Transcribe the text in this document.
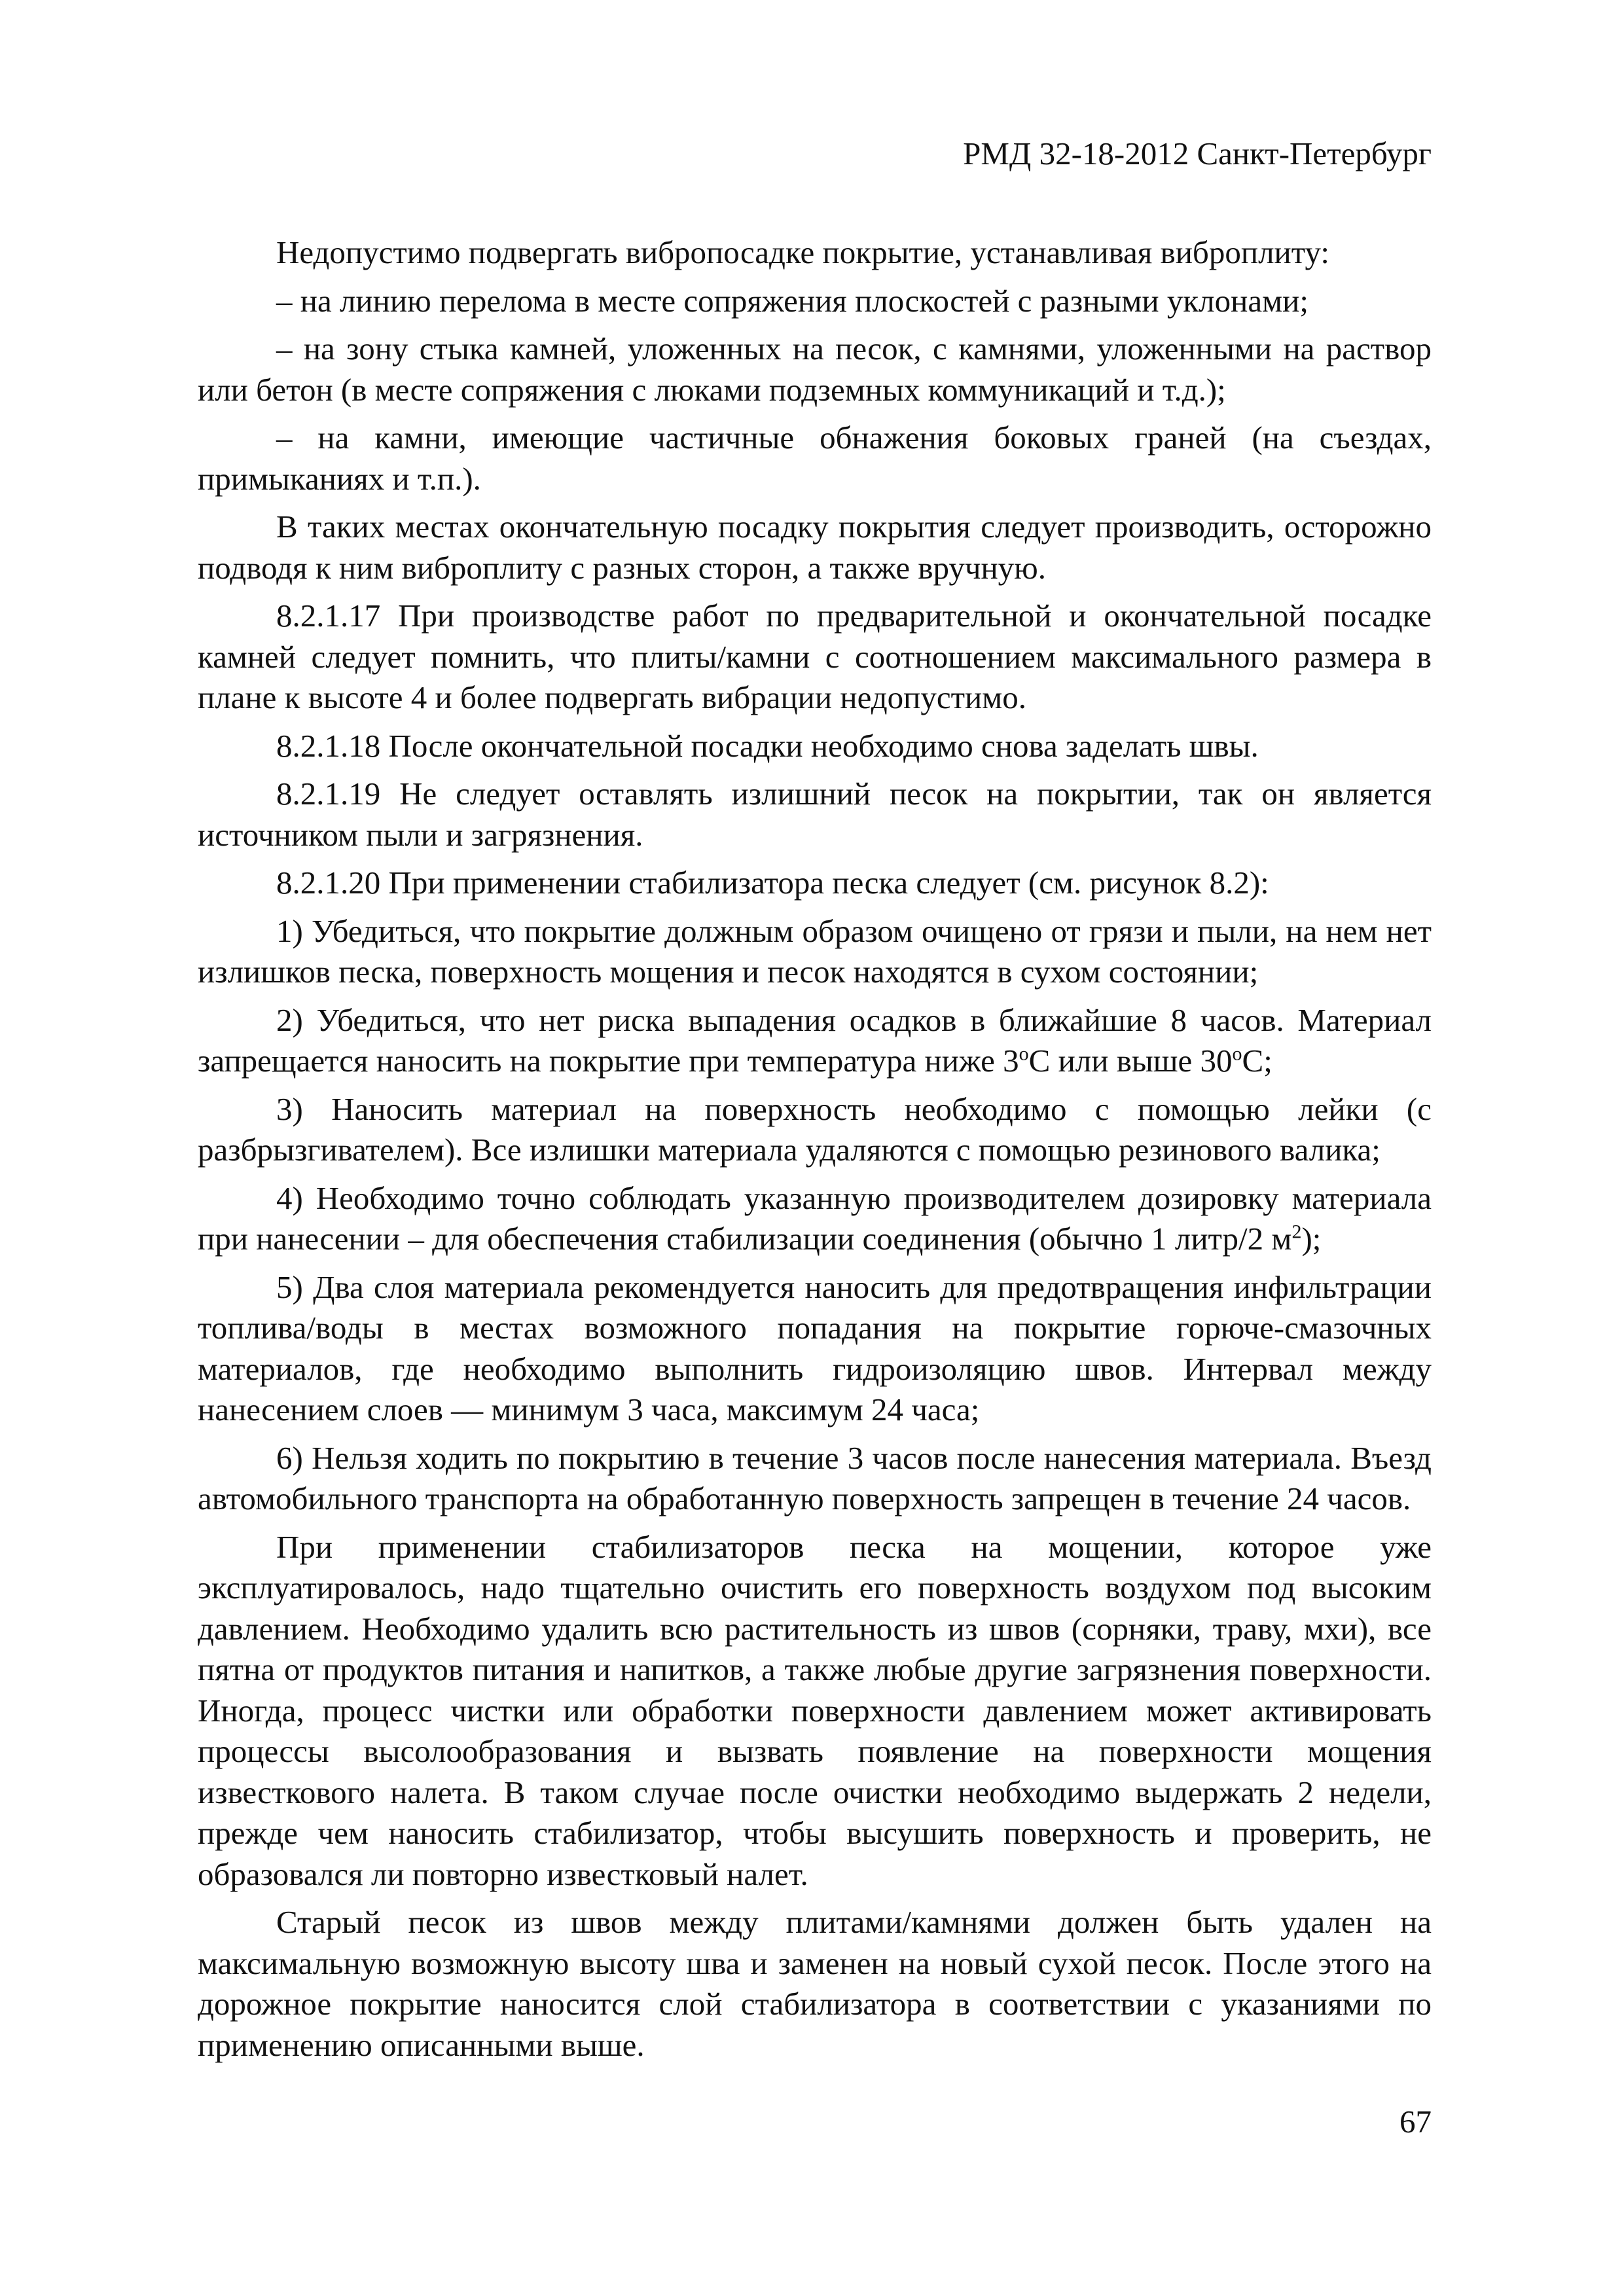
РМД 32-18-2012 Санкт-Петербург

Недопустимо подвергать вибропосадке покрытие, устанавливая виброплиту:

– на линию перелома в месте сопряжения плоскостей с разными уклонами;

– на зону стыка камней, уложенных на песок, с камнями, уложенными на раствор или бетон (в месте сопряжения с люками подземных коммуникаций и т.д.);

– на камни, имеющие частичные обнажения боковых граней (на съездах, примыканиях и т.п.).

В таких местах окончательную посадку покрытия следует производить, осторожно подводя к ним виброплиту с разных сторон, а также вручную.

8.2.1.17 При производстве работ по предварительной и окончательной посадке камней следует помнить, что плиты/камни с соотношением максимального размера в плане к высоте 4 и более подвергать вибрации недопустимо.

8.2.1.18 После окончательной посадки необходимо снова заделать швы.

8.2.1.19 Не следует оставлять излишний песок на покрытии, так он является источником пыли и загрязнения.

8.2.1.20 При применении стабилизатора песка следует (см. рисунок 8.2):

1) Убедиться, что покрытие должным образом очищено от грязи и пыли, на нем нет излишков песка, поверхность мощения и песок находятся в сухом состоянии;

2) Убедиться, что нет риска выпадения осадков в ближайшие 8 часов. Материал запрещается наносить на покрытие при температура ниже 3$^o$С или выше 30$^o$С;

3) Наносить материал на поверхность необходимо с помощью лейки (с разбрызгивателем). Все излишки материала удаляются с помощью резинового валика;

4) Необходимо точно соблюдать указанную производителем дозировку материала при нанесении – для обеспечения стабилизации соединения (обычно 1 литр/2 $м^2$);

5) Два слоя материала рекомендуется наносить для предотвращения инфильтрации топлива/воды в местах возможного попадания на покрытие горюче-смазочных материалов, где необходимо выполнить гидроизоляцию швов. Интервал между нанесением слоев — минимум 3 часа, максимум 24 часа;

6) Нельзя ходить по покрытию в течение 3 часов после нанесения материала. Въезд автомобильного транспорта на обработанную поверхность запрещен в течение 24 часов.

При применении стабилизаторов песка на мощении, которое уже эксплуатировалось, надо тщательно очистить его поверхность воздухом под высоким давлением. Необходимо удалить всю растительность из швов (сорняки, траву, мхи), все пятна от продуктов питания и напитков, а также любые другие загрязнения поверхности. Иногда, процесс чистки или обработки поверхности давлением может активировать процессы высолообразования и вызвать появление на поверхности мощения известкового налета. В таком случае после очистки необходимо выдержать 2 недели, прежде чем наносить стабилизатор, чтобы высушить поверхность и проверить, не образовался ли повторно известковый налет.

Старый песок из швов между плитами/камнями должен быть удален на максимальную возможную высоту шва и заменен на новый сухой песок. После этого на дорожное покрытие наносится слой стабилизатора в соответствии с указаниями по применению описанными выше.

67
